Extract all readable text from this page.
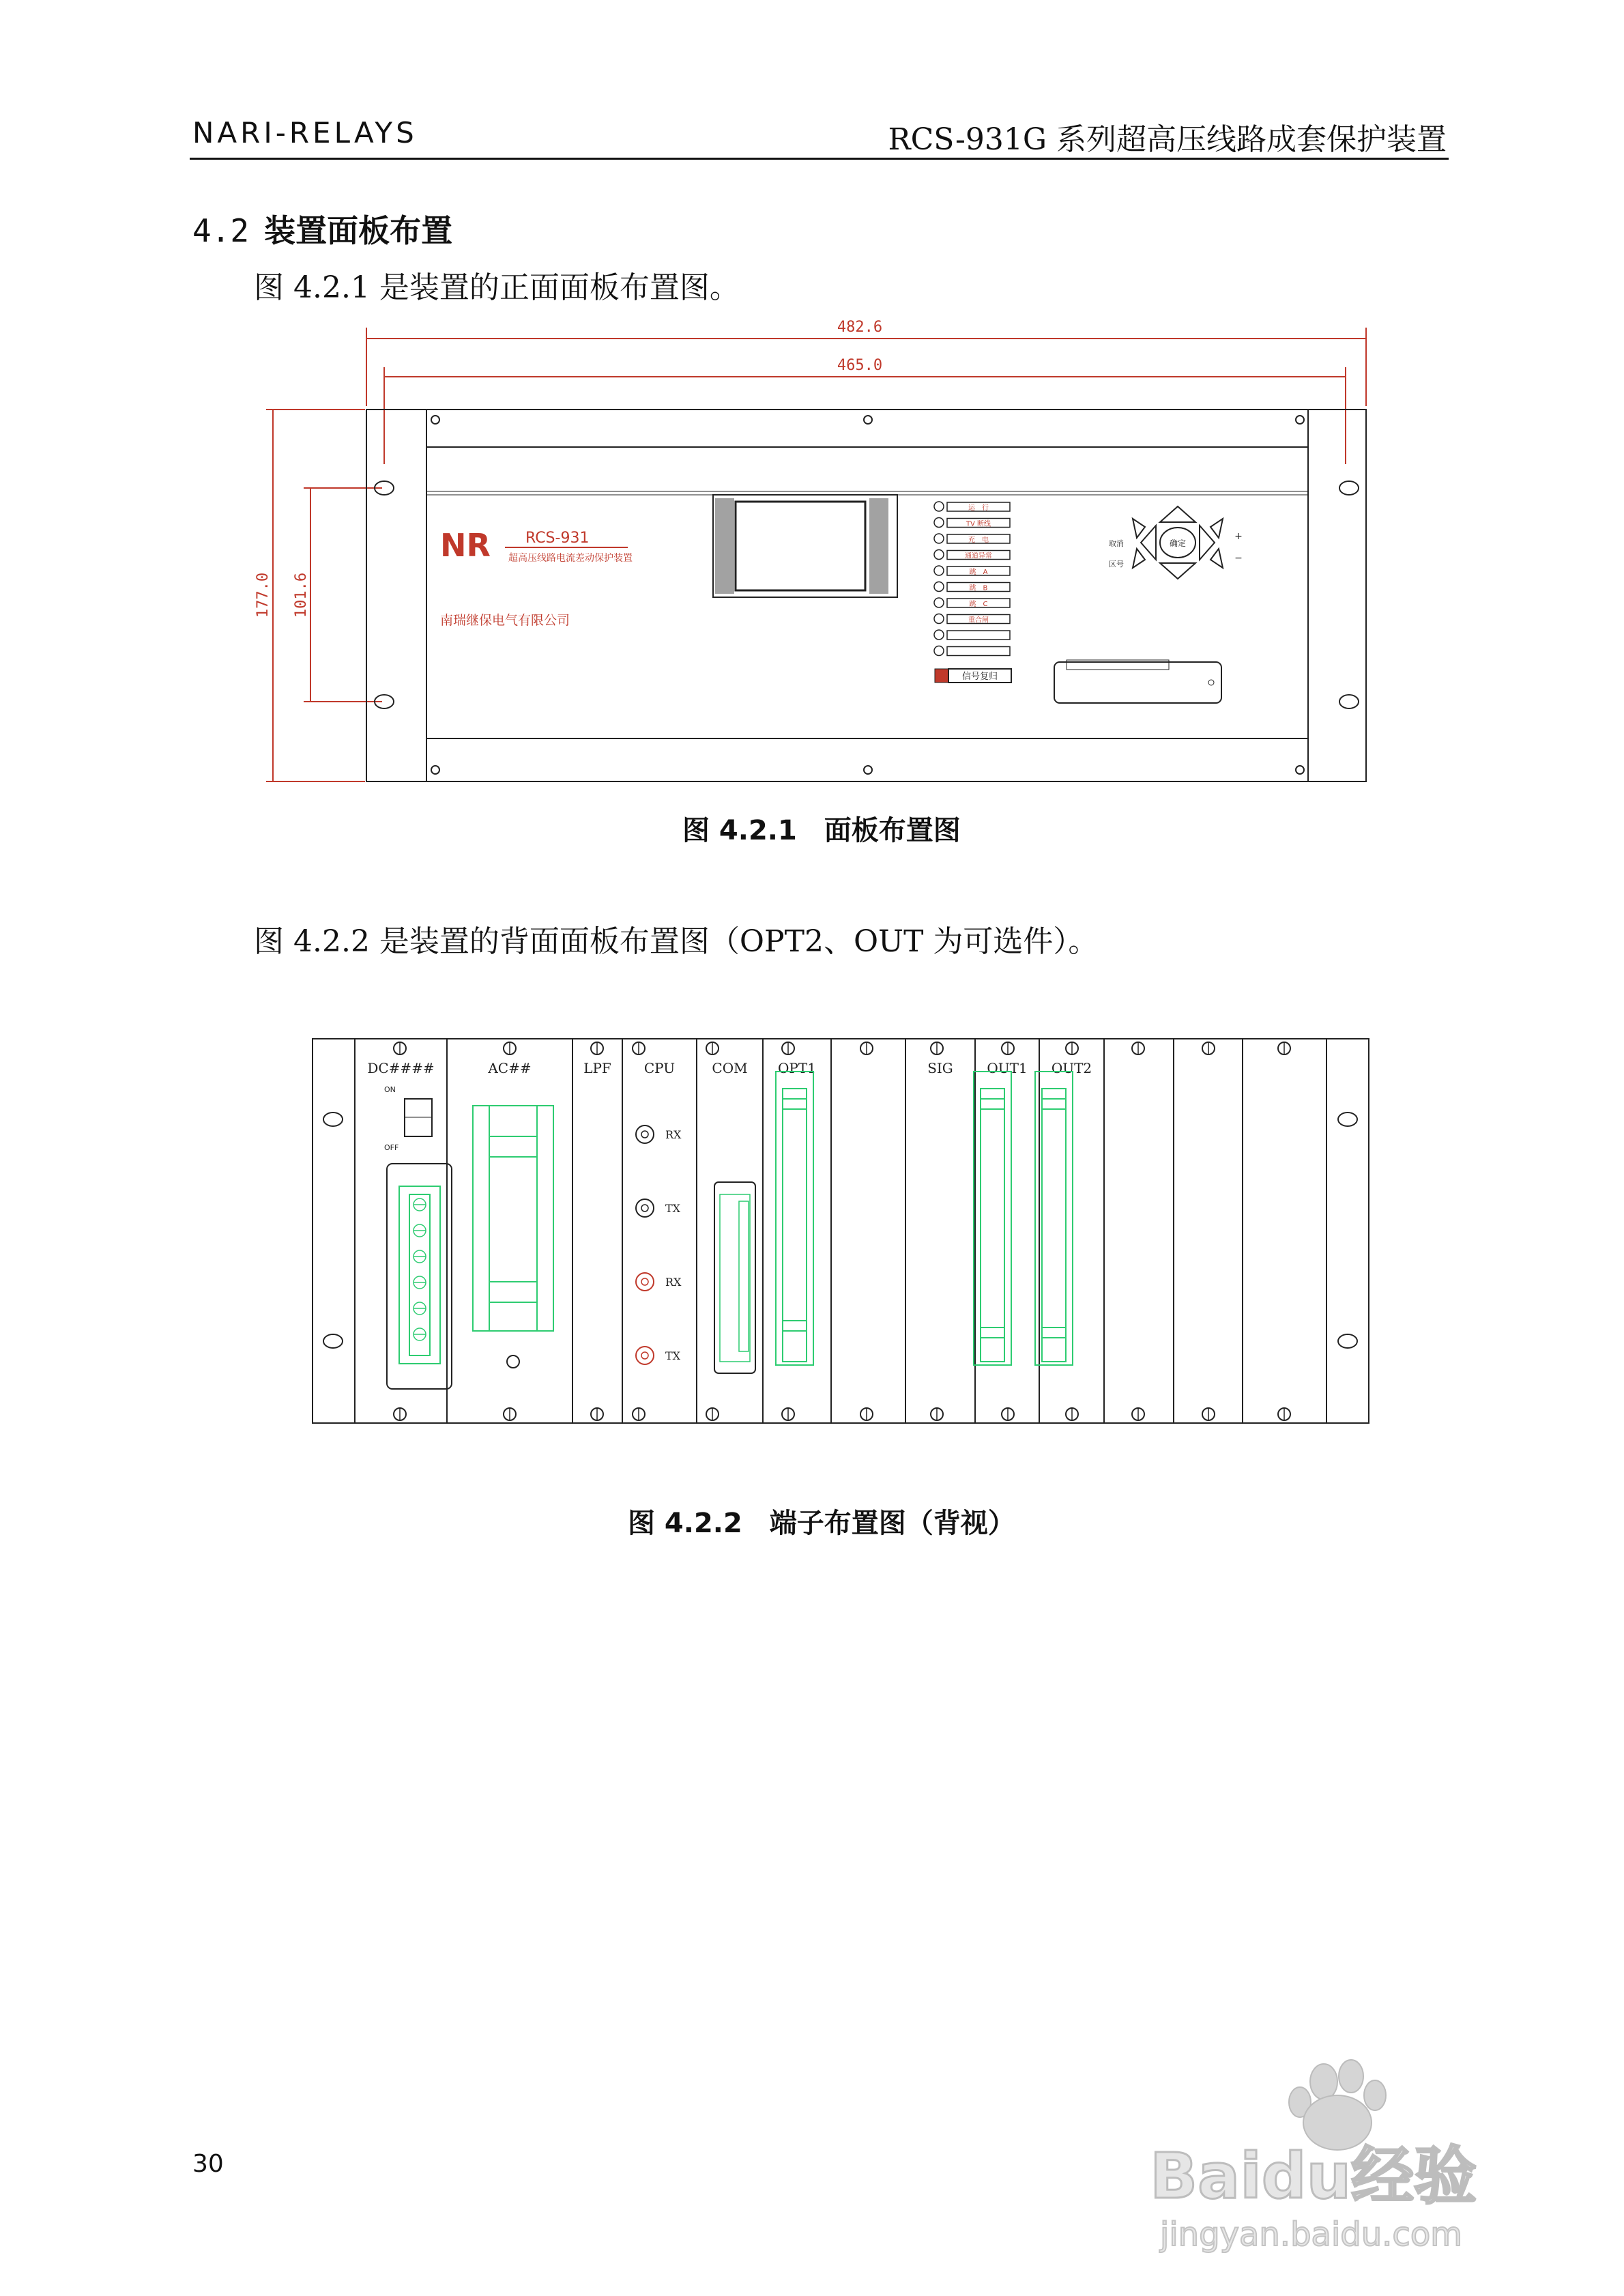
NARI-RELAYS	RCS-931G 系列超高压线路成套保护装置
4.2 装置面板布置
图 4.2.1 是装置的正面面板布置图。
482.6
465.0
177.0 101.6
NR RCS-931
超高压线路电流差动保护装置
南瑞继保电气有限公司
运　行
TV 断线
充　电
通道异常
跳　A
跳　B
跳　C
重合闸
信号复归
确定
取消
区号
+
−
图 4.2.1　面板布置图
图 4.2.2 是装置的背面面板布置图（OPT2、OUT 为可选件）。
DC####	AC##	LPF CPU	COM OPT1	SIG OUT1 OUT2
ON
OFF
RX
TX
RX
TX
图 4.2.2　端子布置图（背视）
30	Baidu经验
jingyan.baidu.com
